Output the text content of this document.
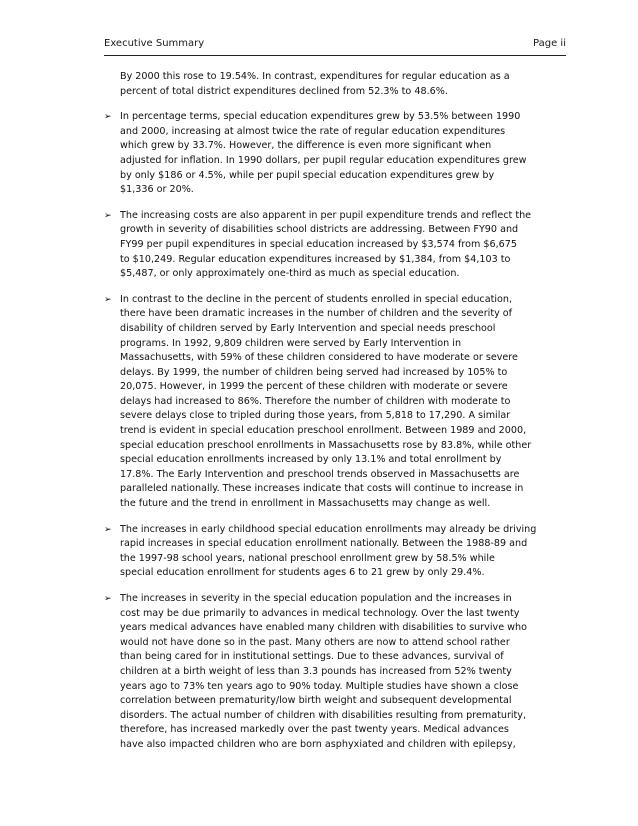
Executive Summary	Page ii

By 2000 this rose to 19.54%. In contrast, expenditures for regular education as a
percent of total district expenditures declined from 52.3% to 48.6%.

➢ In percentage terms, special education expenditures grew by 53.5% between 1990
and 2000, increasing at almost twice the rate of regular education expenditures
which grew by 33.7%. However, the difference is even more significant when
adjusted for inflation. In 1990 dollars, per pupil regular education expenditures grew
by only $186 or 4.5%, while per pupil special education expenditures grew by
$1,336 or 20%.

➢ The increasing costs are also apparent in per pupil expenditure trends and reflect the
growth in severity of disabilities school districts are addressing. Between FY90 and
FY99 per pupil expenditures in special education increased by $3,574 from $6,675
to $10,249. Regular education expenditures increased by $1,384, from $4,103 to
$5,487, or only approximately one-third as much as special education.

➢ In contrast to the decline in the percent of students enrolled in special education,
there have been dramatic increases in the number of children and the severity of
disability of children served by Early Intervention and special needs preschool
programs. In 1992, 9,809 children were served by Early Intervention in
Massachusetts, with 59% of these children considered to have moderate or severe
delays. By 1999, the number of children being served had increased by 105% to
20,075. However, in 1999 the percent of these children with moderate or severe
delays had increased to 86%. Therefore the number of children with moderate to
severe delays close to tripled during those years, from 5,818 to 17,290. A similar
trend is evident in special education preschool enrollment. Between 1989 and 2000,
special education preschool enrollments in Massachusetts rose by 83.8%, while other
special education enrollments increased by only 13.1% and total enrollment by
17.8%. The Early Intervention and preschool trends observed in Massachusetts are
paralleled nationally. These increases indicate that costs will continue to increase in
the future and the trend in enrollment in Massachusetts may change as well.

➢ The increases in early childhood special education enrollments may already be driving
rapid increases in special education enrollment nationally. Between the 1988-89 and
the 1997-98 school years, national preschool enrollment grew by 58.5% while
special education enrollment for students ages 6 to 21 grew by only 29.4%.

➢ The increases in severity in the special education population and the increases in
cost may be due primarily to advances in medical technology. Over the last twenty
years medical advances have enabled many children with disabilities to survive who
would not have done so in the past. Many others are now to attend school rather
than being cared for in institutional settings. Due to these advances, survival of
children at a birth weight of less than 3.3 pounds has increased from 52% twenty
years ago to 73% ten years ago to 90% today. Multiple studies have shown a close
correlation between prematurity/low birth weight and subsequent developmental
disorders. The actual number of children with disabilities resulting from prematurity,
therefore, has increased markedly over the past twenty years. Medical advances
have also impacted children who are born asphyxiated and children with epilepsy,
